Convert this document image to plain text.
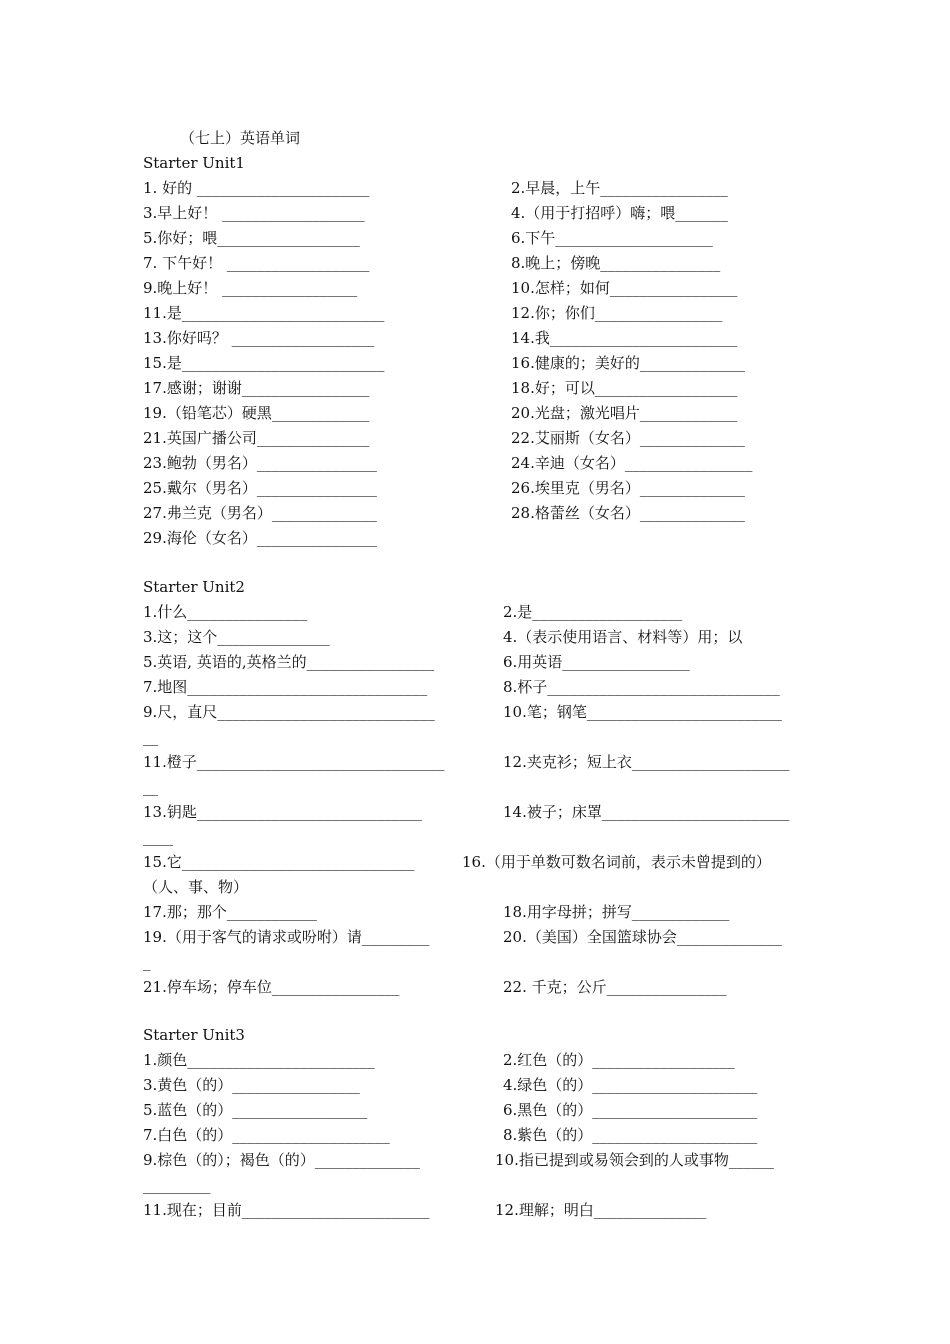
（七上）英语单词
Starter Unit1
1. 好的 _______________________	2.早晨，上午_________________
3.早上好！ ___________________	4.（用于打招呼）嗨；喂_______
5.你好；喂___________________	6.下午_____________________
7. 下午好！ ___________________	8.晚上；傍晚________________
9.晚上好！ __________________	10.怎样；如何_________________
11.是___________________________	12.你；你们_________________
13.你好吗？ ___________________	14.我_________________________
15.是___________________________	16.健康的；美好的______________
17.感谢；谢谢_________________	18.好；可以___________________
19.（铅笔芯）硬黑_____________	20.光盘；激光唱片_____________
21.英国广播公司_______________	22.艾丽斯（女名）______________
23.鲍勃（男名）________________	24.辛迪（女名）_________________
25.戴尔（男名）________________	26.埃里克（男名）______________
27.弗兰克（男名）______________	28.格蕾丝（女名）______________
29.海伦（女名）________________
Starter Unit2
1.什么________________	2.是____________________
3.这；这个_______________	4.（表示使用语言、材料等）用；以
5.英语, 英语的,英格兰的_________________	6.用英语_________________
7.地图________________________________	8.杯子_______________________________
9.尺，直尺_____________________________	10.笔；钢笔__________________________
__
11.橙子_________________________________	12.夹克衫；短上衣_____________________
__
13.钥匙______________________________	14.被子；床罩_________________________
____
15.它_______________________________	16.（用于单数可数名词前，表示未曾提到的）
（人、事、物）
17.那；那个____________	18.用字母拼；拼写_____________
19.（用于客气的请求或吩咐）请_________	20.（美国）全国篮球协会______________
_
21.停车场；停车位_________________	22. 千克；公斤________________
Starter Unit3
1.颜色_________________________	2.红色（的）___________________
3.黄色（的）_________________	4.绿色（的）______________________
5.蓝色（的）__________________	6.黑色（的）______________________
7.白色（的）_____________________	8.紫色（的）______________________
9.棕色（的）；褐色（的）______________	10.指已提到或易领会到的人或事物______
_________
11.现在；目前_________________________	12.理解；明白_______________
